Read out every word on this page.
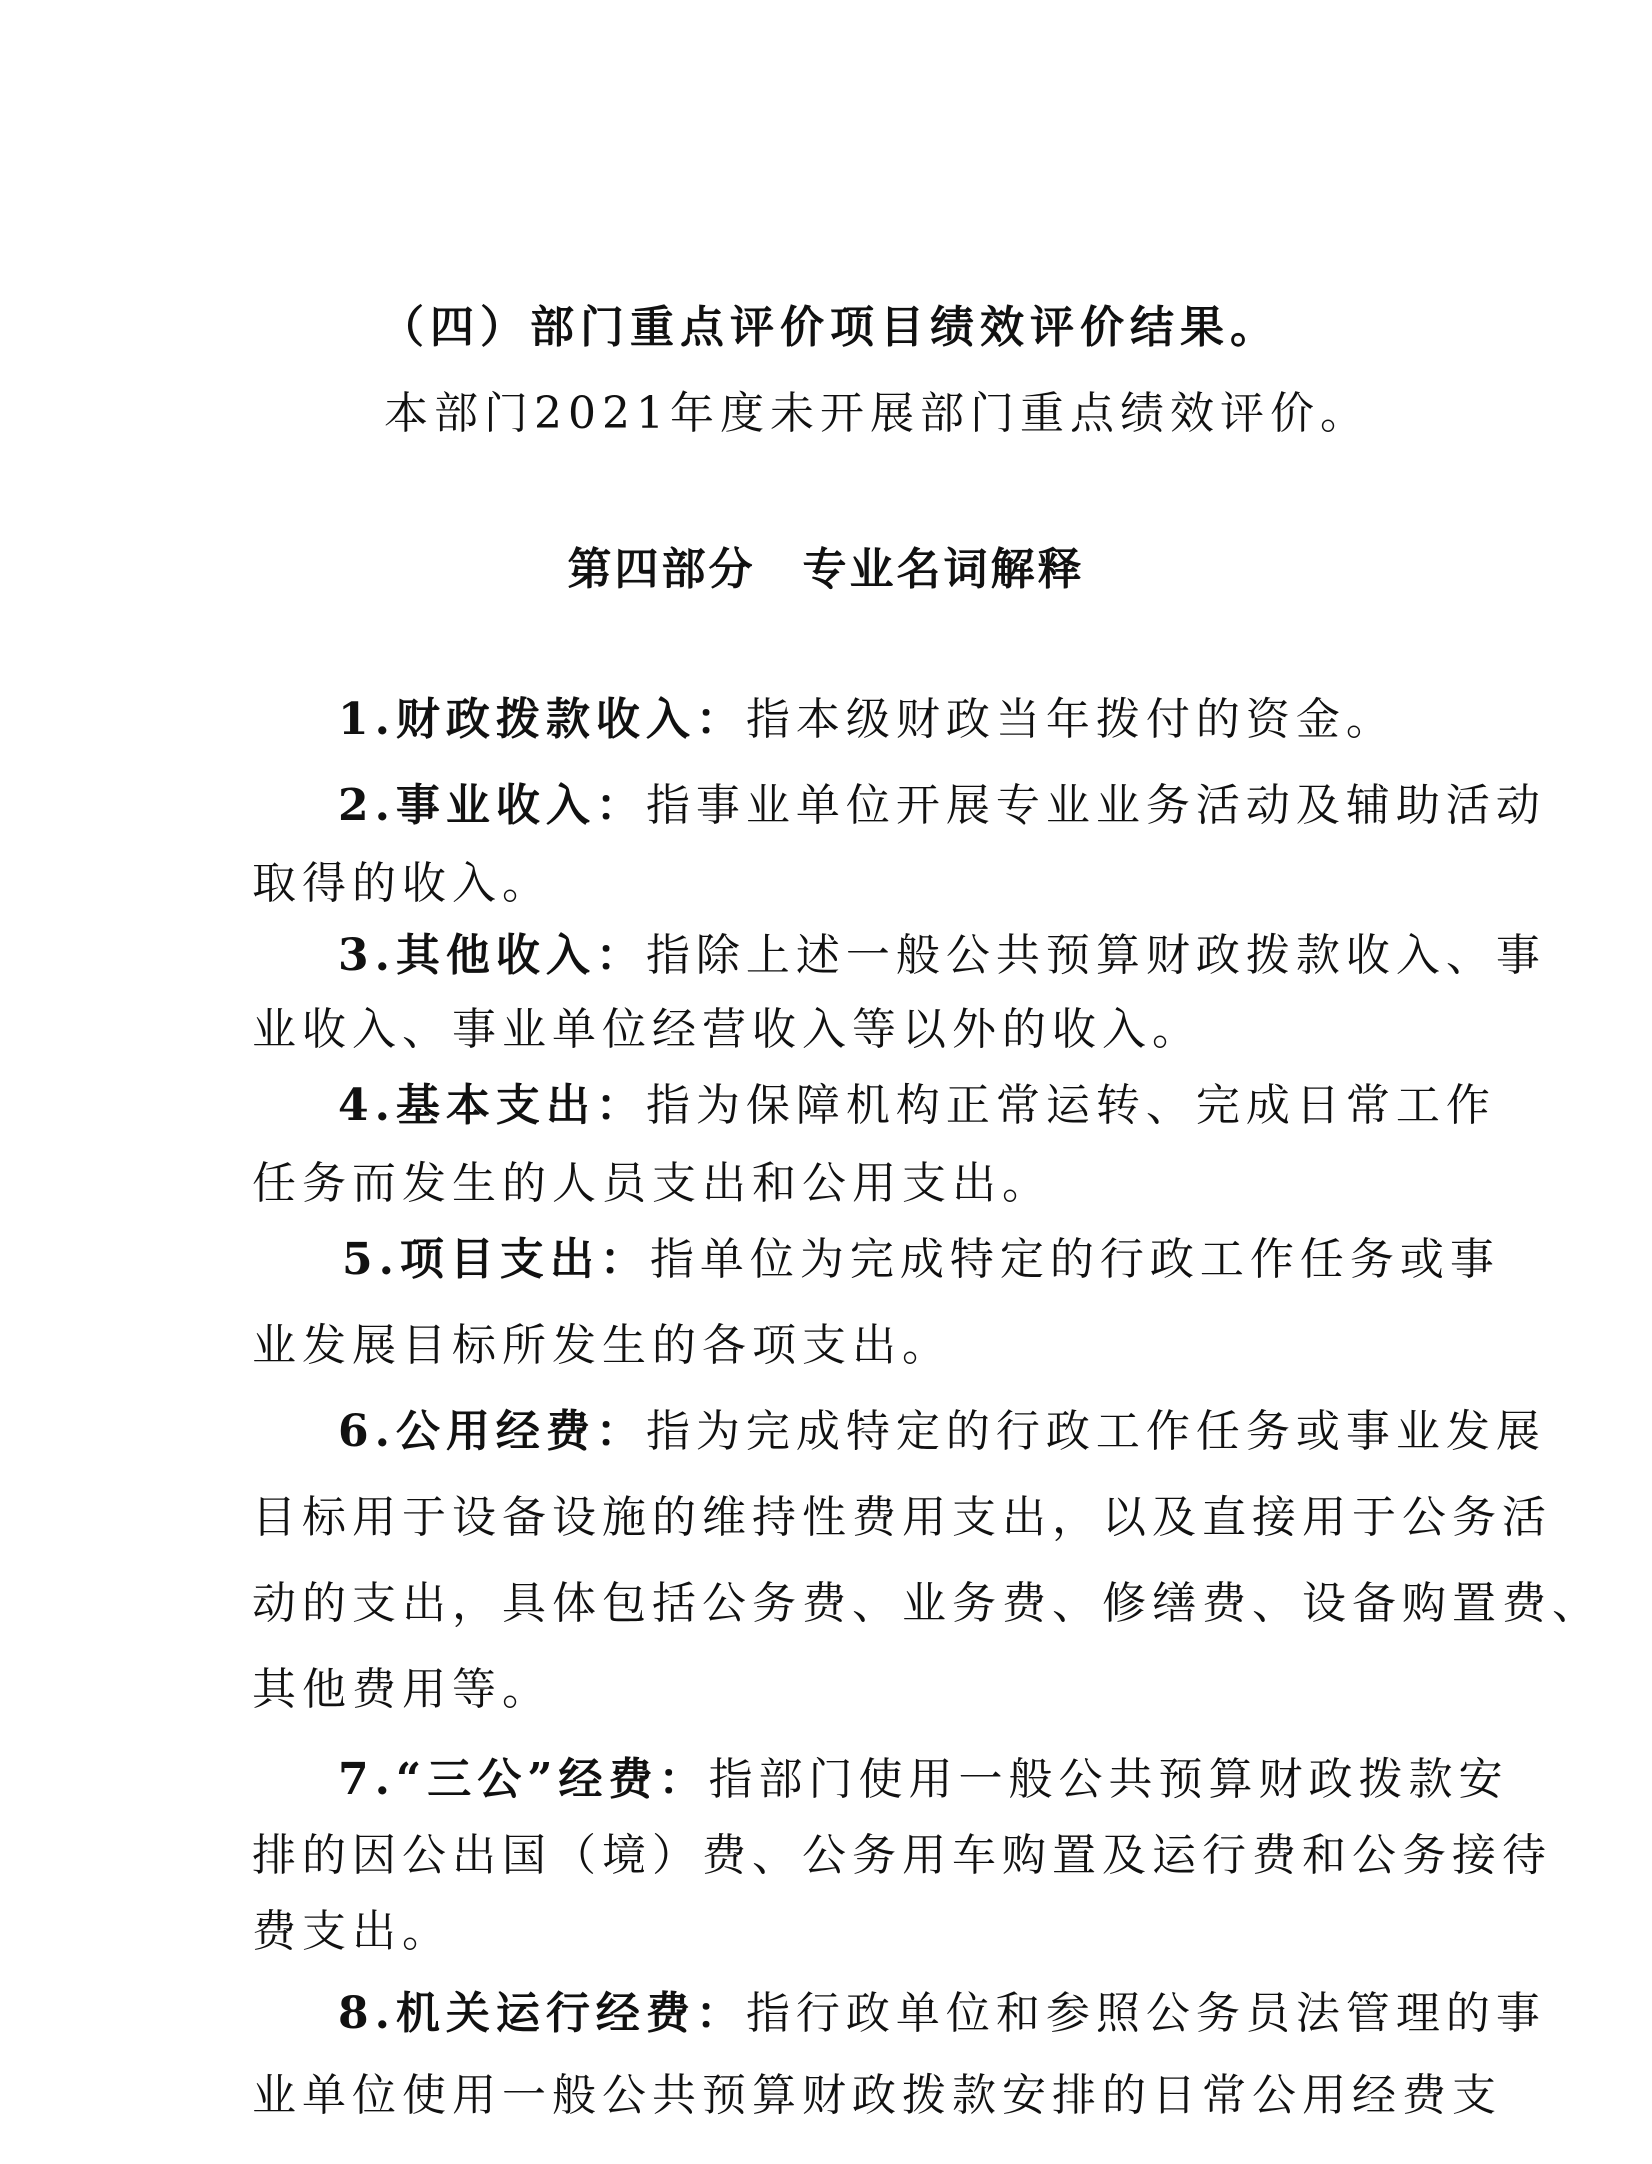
（四）部门重点评价项目绩效评价结果。
本部门2021年度未开展部门重点绩效评价。
第四部分　专业名词解释
1.财政拨款收入：指本级财政当年拨付的资金。
2.事业收入：指事业单位开展专业业务活动及辅助活动
取得的收入。
3.其他收入：指除上述一般公共预算财政拨款收入、事
业收入、事业单位经营收入等以外的收入。
4.基本支出：指为保障机构正常运转、完成日常工作
任务而发生的人员支出和公用支出。
5.项目支出：指单位为完成特定的行政工作任务或事
业发展目标所发生的各项支出。
6.公用经费：指为完成特定的行政工作任务或事业发展
目标用于设备设施的维持性费用支出，以及直接用于公务活
动的支出，具体包括公务费、业务费、修缮费、设备购置费、
其他费用等。
7.“三公”经费：指部门使用一般公共预算财政拨款安
排的因公出国（境）费、公务用车购置及运行费和公务接待
费支出。
8.机关运行经费：指行政单位和参照公务员法管理的事
业单位使用一般公共预算财政拨款安排的日常公用经费支
